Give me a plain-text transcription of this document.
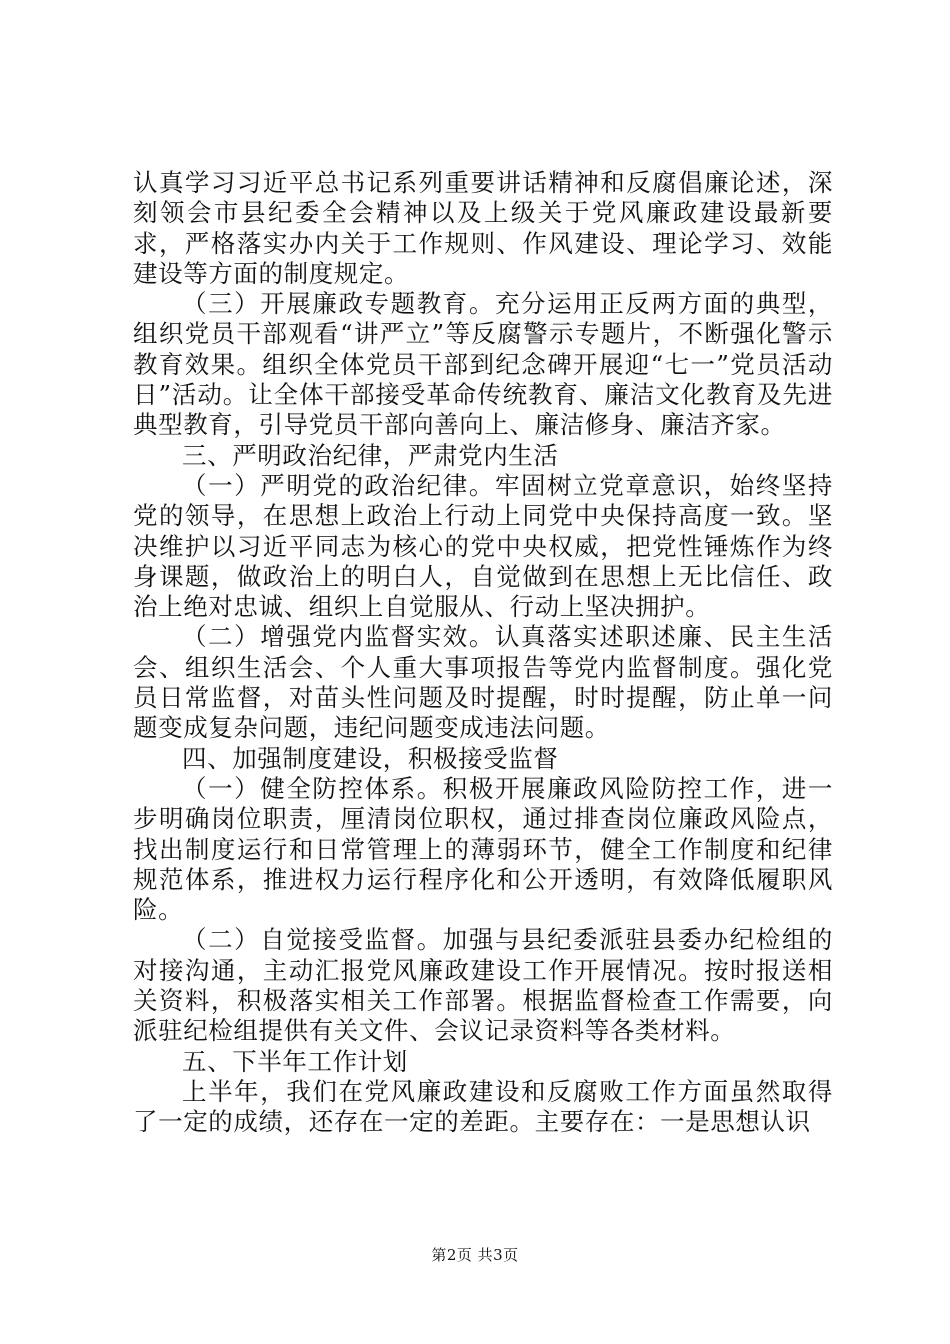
认真学习习近平总书记系列重要讲话精神和反腐倡廉论述，深刻领会市县纪委全会精神以及上级关于党风廉政建设最新要求，严格落实办内关于工作规则、作风建设、理论学习、效能建设等方面的制度规定。

（三）开展廉政专题教育。充分运用正反两方面的典型，组织党员干部观看“讲严立”等反腐警示专题片，不断强化警示教育效果。组织全体党员干部到纪念碑开展迎“七一”党员活动日”活动。让全体干部接受革命传统教育、廉洁文化教育及先进典型教育，引导党员干部向善向上、廉洁修身、廉洁齐家。

三、严明政治纪律，严肃党内生活

（一）严明党的政治纪律。牢固树立党章意识，始终坚持党的领导，在思想上政治上行动上同党中央保持高度一致。坚决维护以习近平同志为核心的党中央权威，把党性锤炼作为终身课题，做政治上的明白人，自觉做到在思想上无比信任、政治上绝对忠诚、组织上自觉服从、行动上坚决拥护。

（二）增强党内监督实效。认真落实述职述廉、民主生活会、组织生活会、个人重大事项报告等党内监督制度。强化党员日常监督，对苗头性问题及时提醒，时时提醒，防止单一问题变成复杂问题，违纪问题变成违法问题。

四、加强制度建设，积极接受监督

（一）健全防控体系。积极开展廉政风险防控工作，进一步明确岗位职责，厘清岗位职权，通过排查岗位廉政风险点，找出制度运行和日常管理上的薄弱环节，健全工作制度和纪律规范体系，推进权力运行程序化和公开透明，有效降低履职风险。

（二）自觉接受监督。加强与县纪委派驻县委办纪检组的对接沟通，主动汇报党风廉政建设工作开展情况。按时报送相关资料，积极落实相关工作部署。根据监督检查工作需要，向派驻纪检组提供有关文件、会议记录资料等各类材料。

五、下半年工作计划

上半年，我们在党风廉政建设和反腐败工作方面虽然取得了一定的成绩，还存在一定的差距。主要存在：一是思想认识

第2页 共3页
